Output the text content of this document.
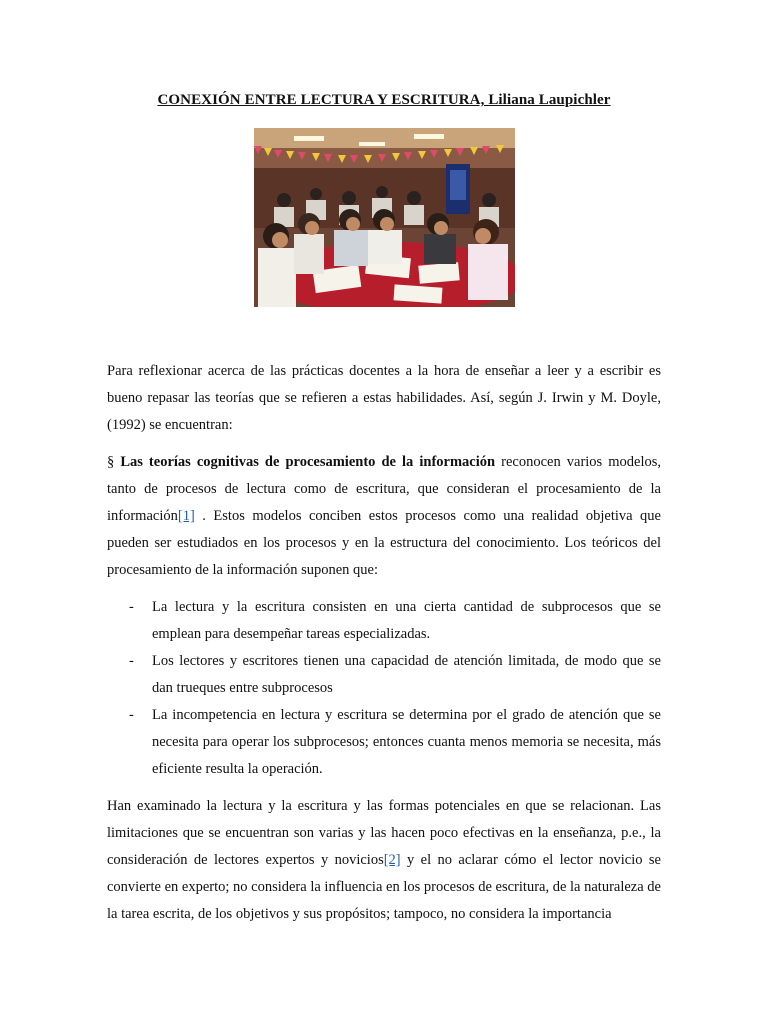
CONEXIÓN ENTRE LECTURA Y ESCRITURA, Liliana Laupichler

Para reflexionar acerca de las prácticas docentes a la hora de enseñar a leer y a escribir es bueno repasar las teorías que se refieren a estas habilidades. Así, según J. Irwin y M. Doyle, (1992) se encuentran:

§ Las teorías cognitivas de procesamiento de la información reconocen varios modelos, tanto de procesos de lectura como de escritura, que consideran el procesamiento de la información[1] . Estos modelos conciben estos procesos como una realidad objetiva que pueden ser estudiados en los procesos y en la estructura del conocimiento. Los teóricos del procesamiento de la información suponen que:

- La lectura y la escritura consisten en una cierta cantidad de subprocesos que se emplean para desempeñar tareas especializadas.
- Los lectores y escritores tienen una capacidad de atención limitada, de modo que se dan trueques entre subprocesos
- La incompetencia en lectura y escritura se determina por el grado de atención que se necesita para operar los subprocesos; entonces cuanta menos memoria se necesita, más eficiente resulta la operación.

Han examinado la lectura y la escritura y las formas potenciales en que se relacionan. Las limitaciones que se encuentran son varias y las hacen poco efectivas en la enseñanza, p.e., la consideración de lectores expertos y novicios[2] y el no aclarar cómo el lector novicio se convierte en experto; no considera la influencia en los procesos de escritura, de la naturaleza de la tarea escrita, de los objetivos y sus propósitos; tampoco, no considera la importancia
